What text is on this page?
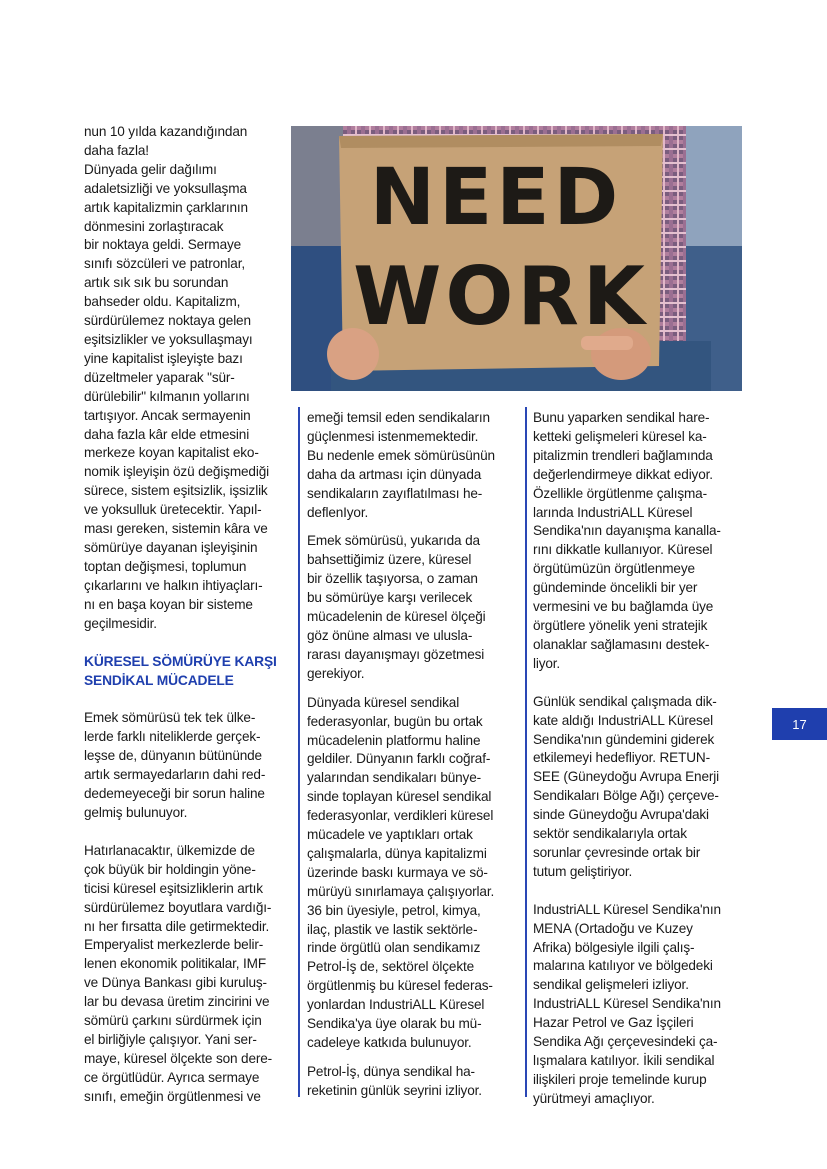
NEED
WORK

nun 10 yılda kazandığından
daha fazla!
Dünyada gelir dağılımı
adaletsizliği ve yoksullaşma
artık kapitalizmin çarklarının
dönmesini zorlaştıracak
bir noktaya geldi. Sermaye
sınıfı sözcüleri ve patronlar,
artık sık sık bu sorundan
bahseder oldu. Kapitalizm,
sürdürülemez noktaya gelen
eşitsizlikler ve yoksullaşmayı
yine kapitalist işleyişte bazı
düzeltmeler yaparak "sür-
dürülebilir" kılmanın yollarını
tartışıyor. Ancak sermayenin
daha fazla kâr elde etmesini
merkeze koyan kapitalist eko-
nomik işleyişin özü değişmediği
sürece, sistem eşitsizlik, işsizlik
ve yoksulluk üretecektir. Yapıl-
ması gereken, sistemin kâra ve
sömürüye dayanan işleyişinin
toptan değişmesi, toplumun
çıkarlarını ve halkın ihtiyaçları-
nı en başa koyan bir sisteme
geçilmesidir.

KÜRESEL SÖMÜRÜYE KARŞI
SENDİKAL MÜCADELE

Emek sömürüsü tek tek ülke-
lerde farklı niteliklerde gerçek-
leşse de, dünyanın bütününde
artık sermayedarların dahi red-
dedemeyeceği bir sorun haline
gelmiş bulunuyor.

Hatırlanacaktır, ülkemizde de
çok büyük bir holdingin yöne-
ticisi küresel eşitsizliklerin artık
sürdürülemez boyutlara vardığı-
nı her fırsatta dile getirmektedir.
Emperyalist merkezlerde belir-
lenen ekonomik politikalar, IMF
ve Dünya Bankası gibi kuruluş-
lar bu devasa üretim zincirini ve
sömürü çarkını sürdürmek için
el birliğiyle çalışıyor. Yani ser-
maye, küresel ölçekte son dere-
ce örgütlüdür. Ayrıca sermaye
sınıfı, emeğin örgütlenmesi ve

emeği temsil eden sendikaların
güçlenmesi istenmemektedir.
Bu nedenle emek sömürüsünün
daha da artması için dünyada
sendikaların zayıflatılması he-
deflenIyor.

Emek sömürüsü, yukarıda da
bahsettiğimiz üzere, küresel
bir özellik taşıyorsa, o zaman
bu sömürüye karşı verilecek
mücadelenin de küresel ölçeği
göz önüne alması ve ulusla-
rarası dayanışmayı gözetmesi
gerekiyor.

Dünyada küresel sendikal
federasyonlar, bugün bu ortak
mücadelenin platformu haline
geldiler. Dünyanın farklı coğraf-
yalarından sendikaları bünye-
sinde toplayan küresel sendikal
federasyonlar, verdikleri küresel
mücadele ve yaptıkları ortak
çalışmalarla, dünya kapitalizmi
üzerinde baskı kurmaya ve sö-
mürüyü sınırlamaya çalışıyorlar.
36 bin üyesiyle, petrol, kimya,
ilaç, plastik ve lastik sektörle-
rinde örgütlü olan sendikamız
Petrol-İş de, sektörel ölçekte
örgütlenmiş bu küresel federas-
yonlardan IndustriALL Küresel
Sendika'ya üye olarak bu mü-
cadeleye katkıda bulunuyor.

Petrol-İş, dünya sendikal ha-
reketinin günlük seyrini izliyor.

Bunu yaparken sendikal hare-
ketteki gelişmeleri küresel ka-
pitalizmin trendleri bağlamında
değerlendirmeye dikkat ediyor.
Özellikle örgütlenme çalışma-
larında IndustriALL Küresel
Sendika'nın dayanışma kanalla-
rını dikkatle kullanıyor. Küresel
örgütümüzün örgütlenmeye
gündeminde öncelikli bir yer
vermesini ve bu bağlamda üye
örgütlere yönelik yeni stratejik
olanaklar sağlamasını destek-
liyor.

Günlük sendikal çalışmada dik-
kate aldığı IndustriALL Küresel
Sendika'nın gündemini giderek
etkilemeyi hedefliyor. RETUN-
SEE (Güneydoğu Avrupa Enerji
Sendikaları Bölge Ağı) çerçeve-
sinde Güneydoğu Avrupa'daki
sektör sendikalarıyla ortak
sorunlar çevresinde ortak bir
tutum geliştiriyor.

IndustriALL Küresel Sendika'nın
MENA (Ortadoğu ve Kuzey
Afrika) bölgesiyle ilgili çalış-
malarına katılıyor ve bölgedeki
sendikal gelişmeleri izliyor.
IndustriALL Küresel Sendika'nın
Hazar Petrol ve Gaz İşçileri
Sendika Ağı çerçevesindeki ça-
lışmalara katılıyor. İkili sendikal
ilişkileri proje temelinde kurup
yürütmeyi amaçlıyor.

17
